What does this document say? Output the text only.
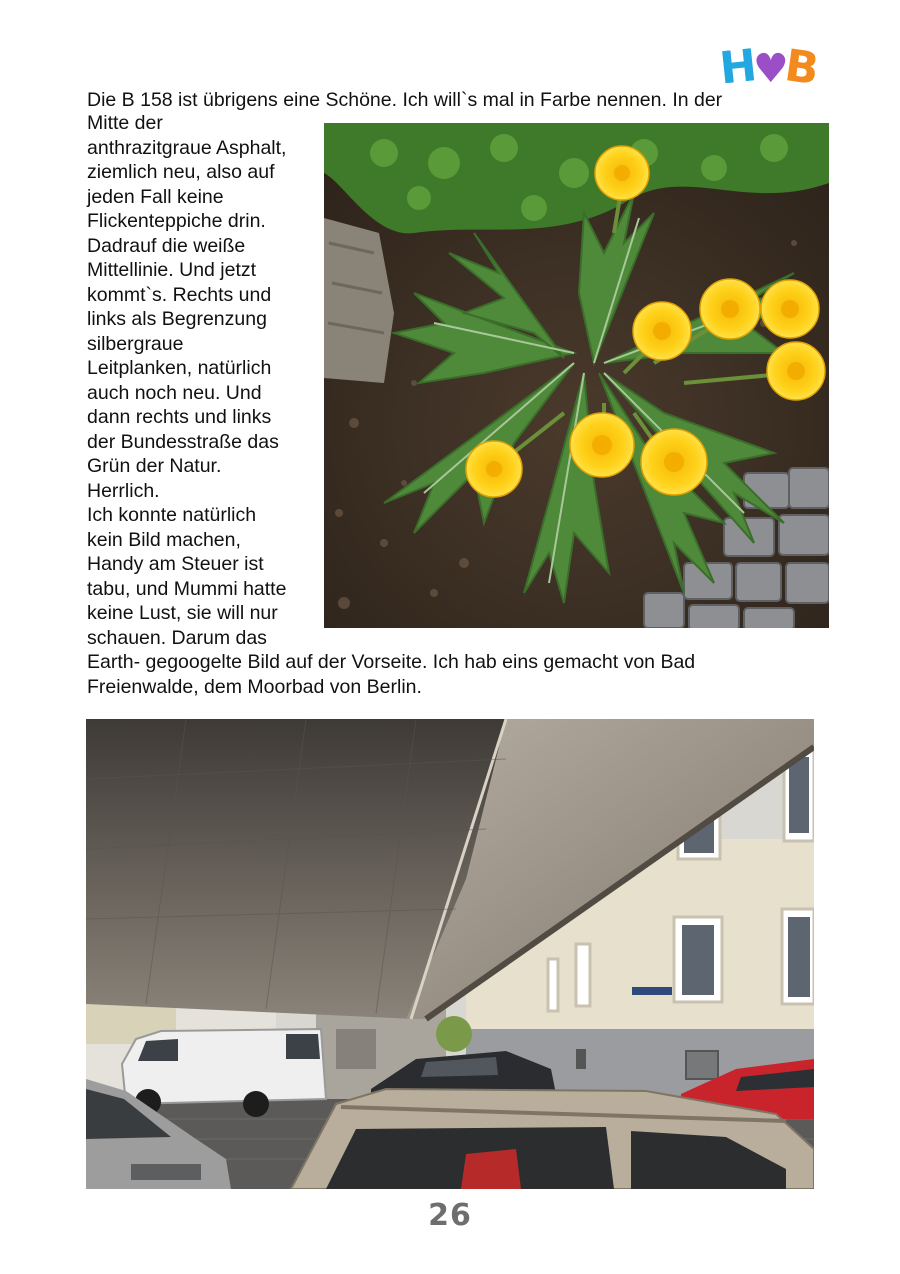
H♥B
Die B 158 ist übrigens eine Schöne. Ich will`s mal in Farbe nennen. In der
Mitte der
anthrazitgraue Asphalt,
ziemlich neu, also auf
jeden Fall keine
Flickenteppiche drin.
Dadrauf die weiße
Mittellinie. Und jetzt
kommt`s. Rechts und
links als Begrenzung
silbergraue
Leitplanken, natürlich
auch noch neu. Und
dann rechts und links
der Bundesstraße das
Grün der Natur.
Herrlich.
Ich konnte natürlich
kein Bild machen,
Handy am Steuer ist
tabu, und Mummi hatte
keine Lust, sie will nur
schauen. Darum das
Earth- gegoogelte Bild auf der Vorseite. Ich hab eins gemacht von Bad
Freienwalde, dem Moorbad von Berlin.
26
